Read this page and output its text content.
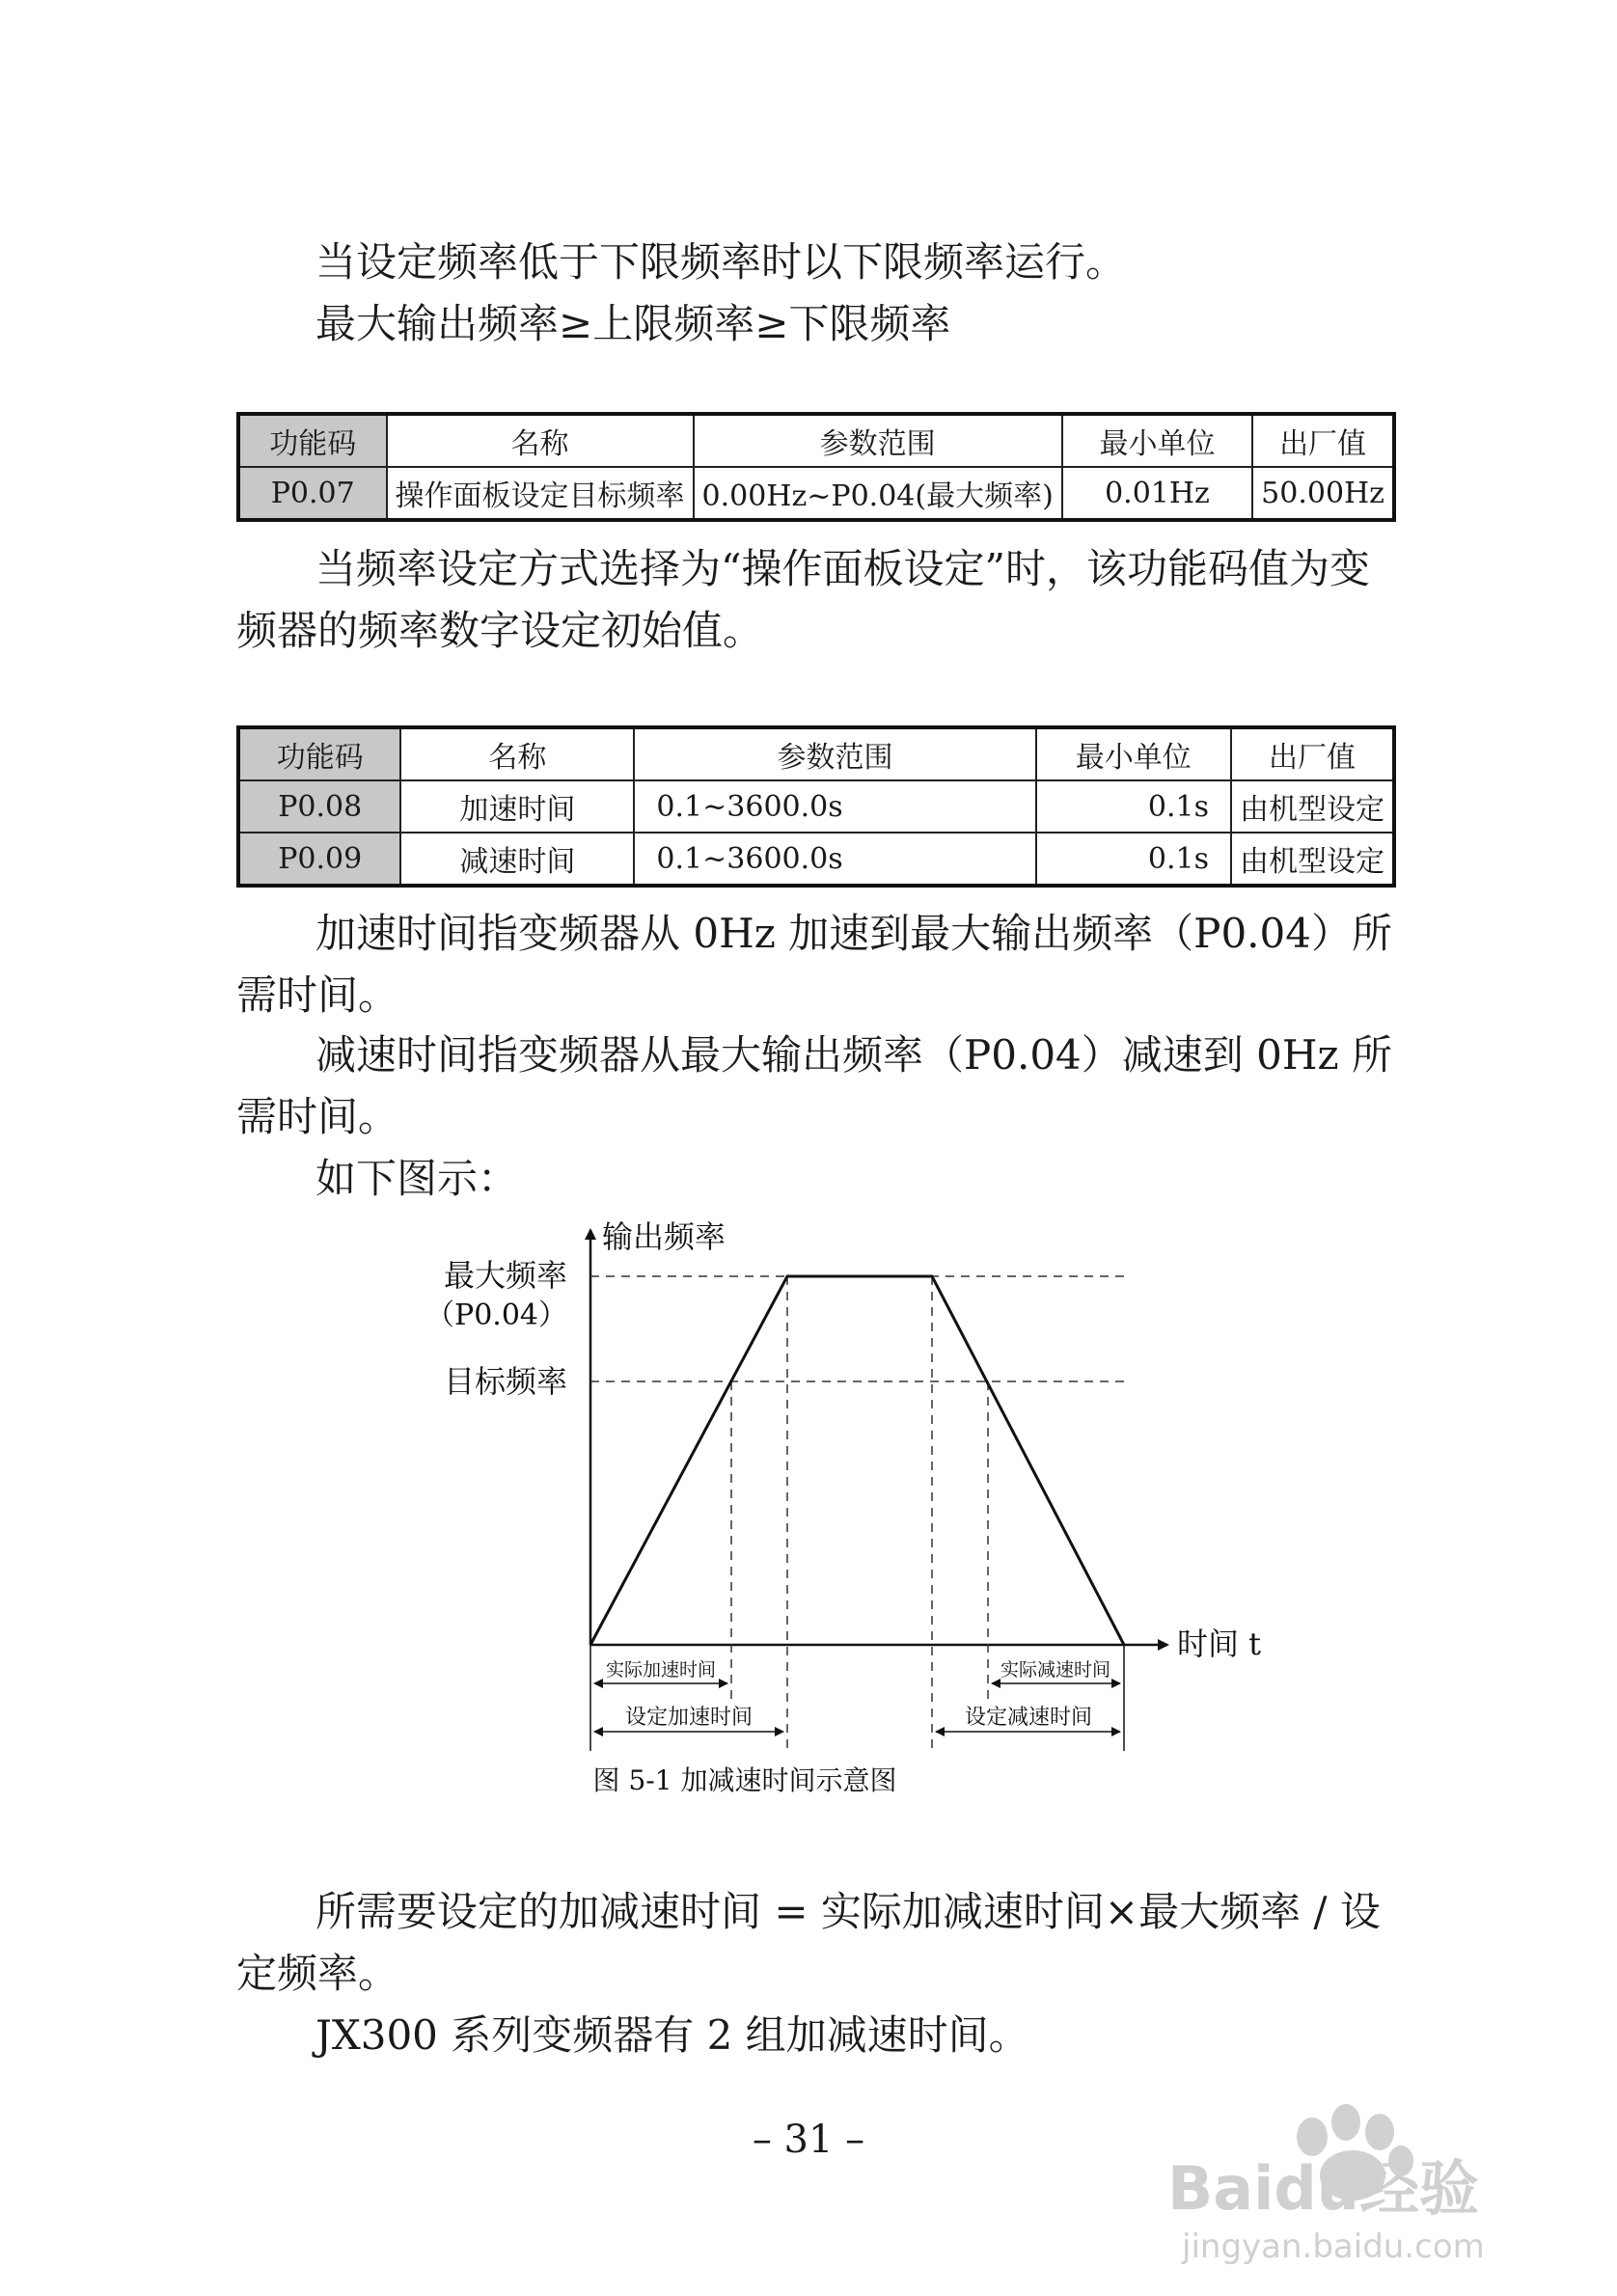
当设定频率低于下限频率时以下限频率运行。

最大输出频率≥上限频率≥下限频率

功能码	名称	参数范围	最小单位	出厂值
P0.07	操作面板设定目标频率	0.00Hz~P0.04(最大频率)	0.01Hz	50.00Hz

当频率设定方式选择为“操作面板设定”时，该功能码值为变频器的频率数字设定初始值。

功能码	名称	参数范围	最小单位	出厂值
P0.08	加速时间	0.1~3600.0s	0.1s	由机型设定
P0.09	减速时间	0.1~3600.0s	0.1s	由机型设定

加速时间指变频器从 0Hz 加速到最大输出频率（P0.04）所需时间。

减速时间指变频器从最大输出频率（P0.04）减速到 0Hz 所需时间。

如下图示：

输出频率
时间 t
最大频率
（P0.04）
目标频率
实际加速时间	实际减速时间
设定加速时间	设定减速时间
图 5-1 加减速时间示意图

所需要设定的加减速时间 = 实际加减速时间×最大频率 / 设定频率。

JX300 系列变频器有 2 组加减速时间。

– 31 –
Baidu经验
jingyan.baidu.com
